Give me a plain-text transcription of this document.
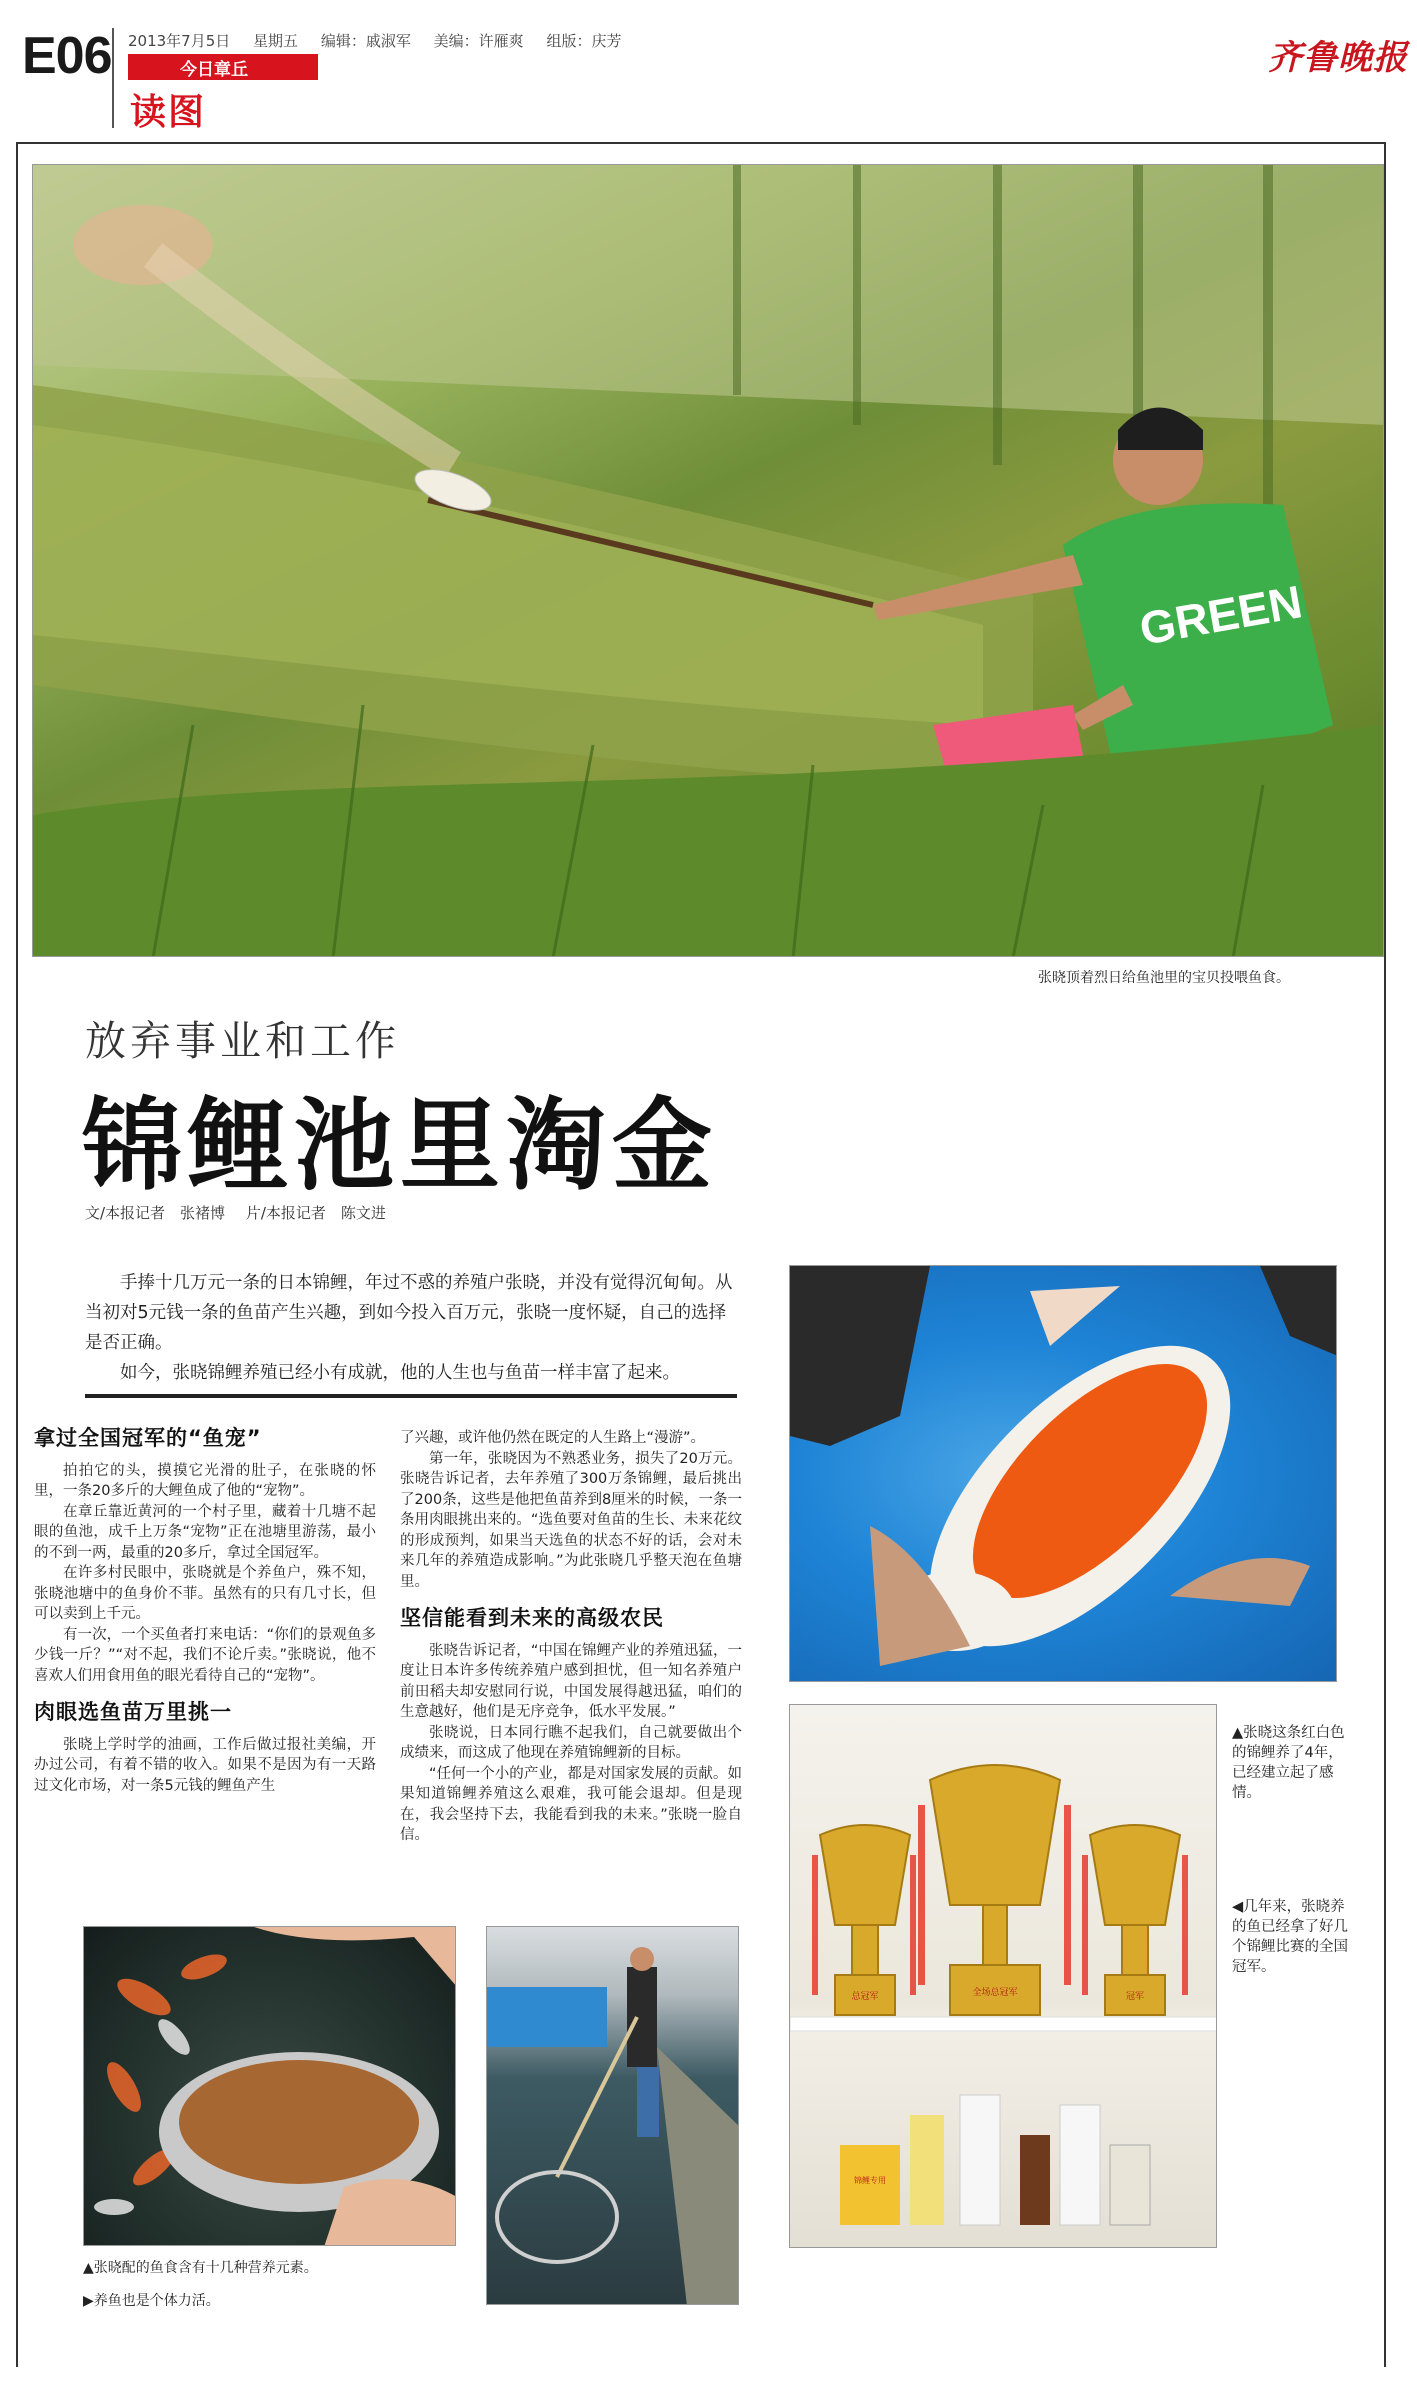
E06 2013年7月5日 星期五 编辑：戚淑军 美编：许雁爽 组版：庆芳
今日章丘
读图
齐鲁晚报
GREEN
张晓顶着烈日给鱼池里的宝贝投喂鱼食。
放弃事业和工作
锦鲤池里淘金
文/本报记者　张褚博 片/本报记者　陈文进

手捧十几万元一条的日本锦鲤，年过不惑的养殖户张晓，并没有觉得沉甸甸。从当初对5元钱一条的鱼苗产生兴趣，到如今投入百万元，张晓一度怀疑，自己的选择是否正确。

如今，张晓锦鲤养殖已经小有成就，他的人生也与鱼苗一样丰富了起来。

拿过全国冠军的“鱼宠”

拍拍它的头，摸摸它光滑的肚子，在张晓的怀里，一条20多斤的大鲤鱼成了他的“宠物”。

在章丘靠近黄河的一个村子里，藏着十几塘不起眼的鱼池，成千上万条“宠物”正在池塘里游荡，最小的不到一两，最重的20多斤，拿过全国冠军。

在许多村民眼中，张晓就是个养鱼户，殊不知，张晓池塘中的鱼身价不菲。虽然有的只有几寸长，但可以卖到上千元。

有一次，一个买鱼者打来电话：“你们的景观鱼多少钱一斤？”“对不起，我们不论斤卖。”张晓说，他不喜欢人们用食用鱼的眼光看待自己的“宠物”。

肉眼选鱼苗万里挑一

张晓上学时学的油画，工作后做过报社美编，开办过公司，有着不错的收入。如果不是因为有一天路过文化市场，对一条5元钱的鲤鱼产生

了兴趣，或许他仍然在既定的人生路上“漫游”。

第一年，张晓因为不熟悉业务，损失了20万元。张晓告诉记者，去年养殖了300万条锦鲤，最后挑出了200条，这些是他把鱼苗养到8厘米的时候，一条一条用肉眼挑出来的。“选鱼要对鱼苗的生长、未来花纹的形成预判，如果当天选鱼的状态不好的话，会对未来几年的养殖造成影响。”为此张晓几乎整天泡在鱼塘里。

坚信能看到未来的高级农民

张晓告诉记者，“中国在锦鲤产业的养殖迅猛，一度让日本许多传统养殖户感到担忧，但一知名养殖户前田稻夫却安慰同行说，中国发展得越迅猛，咱们的生意越好，他们是无序竞争，低水平发展。”

张晓说，日本同行瞧不起我们，自己就要做出个成绩来，而这成了他现在养殖锦鲤新的目标。

“任何一个小的产业，都是对国家发展的贡献。如果知道锦鲤养殖这么艰难，我可能会退却。但是现在，我会坚持下去，我能看到我的未来。”张晓一脸自信。

▲张晓这条红白色的锦鲤养了4年，已经建立起了感情。
总冠军	全场总冠军	冠军
锦鲤专用
◀几年来，张晓养的鱼已经拿了好几个锦鲤比赛的全国冠军。
▲张晓配的鱼食含有十几种营养元素。
▶养鱼也是个体力活。
